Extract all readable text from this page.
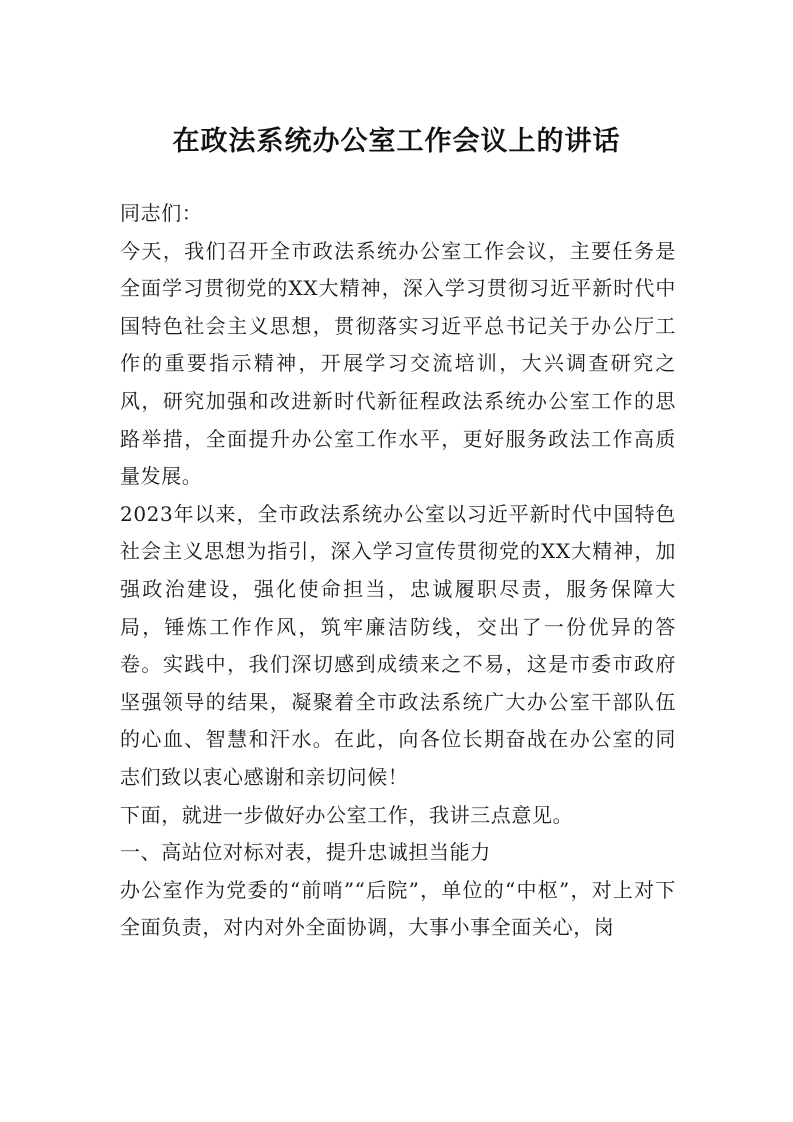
在政法系统办公室工作会议上的讲话

同志们：

今天，我们召开全市政法系统办公室工作会议，主要任务是全面学习贯彻党的XX大精神，深入学习贯彻习近平新时代中国特色社会主义思想，贯彻落实习近平总书记关于办公厅工作的重要指示精神，开展学习交流培训，大兴调查研究之风，研究加强和改进新时代新征程政法系统办公室工作的思路举措，全面提升办公室工作水平，更好服务政法工作高质量发展。

2023年以来，全市政法系统办公室以习近平新时代中国特色社会主义思想为指引，深入学习宣传贯彻党的XX大精神，加强政治建设，强化使命担当，忠诚履职尽责，服务保障大局，锤炼工作作风，筑牢廉洁防线，交出了一份优异的答卷。实践中，我们深切感到成绩来之不易，这是市委市政府坚强领导的结果，凝聚着全市政法系统广大办公室干部队伍的心血、智慧和汗水。在此，向各位长期奋战在办公室的同志们致以衷心感谢和亲切问候！

下面，就进一步做好办公室工作，我讲三点意见。

一、高站位对标对表，提升忠诚担当能力

办公室作为党委的“前哨”“后院”，单位的“中枢”，对上对下全面负责，对内对外全面协调，大事小事全面关心，岗
